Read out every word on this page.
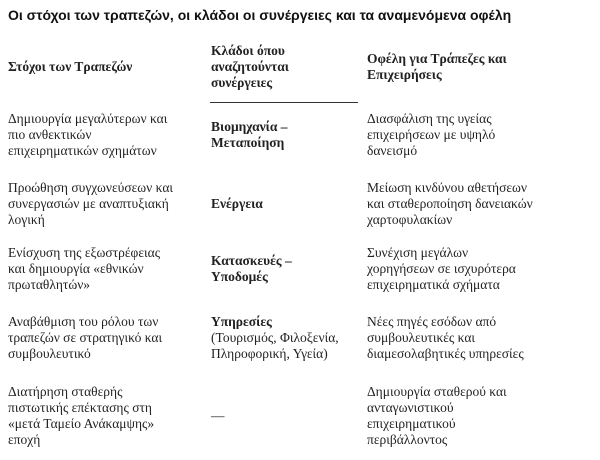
Οι στόχοι των τραπεζών, οι κλάδοι οι συνέργειες και τα αναμενόμενα οφέλη
Στόχοι των Τραπεζών
Κλάδοι όπου
αναζητούνται
συνέργειες
Οφέλη για Τράπεζες και
Επιχειρήσεις
Δημιουργία μεγαλύτερων και
πιο ανθεκτικών
επιχειρηματικών σχημάτων
Βιομηχανία –
Μεταποίηση
Διασφάλιση της υγείας
επιχειρήσεων με υψηλό
δανεισμό
Προώθηση συγχωνεύσεων και
συνεργασιών με αναπτυξιακή
λογική
Ενέργεια
Μείωση κινδύνου αθετήσεων
και σταθεροποίηση δανειακών
χαρτοφυλακίων
Ενίσχυση της εξωστρέφειας
και δημιουργία «εθνικών
πρωταθλητών»
Κατασκευές –
Υποδομές
Συνέχιση μεγάλων
χορηγήσεων σε ισχυρότερα
επιχειρηματικά σχήματα
Αναβάθμιση του ρόλου των
τραπεζών σε στρατηγικό και
συμβουλευτικό
Υπηρεσίες
(Τουρισμός, Φιλοξενία,
Πληροφορική, Υγεία)
Νέες πηγές εσόδων από
συμβουλευτικές και
διαμεσολαβητικές υπηρεσίες
Διατήρηση σταθερής
πιστωτικής επέκτασης στη
«μετά Ταμείο Ανάκαμψης»
εποχή
—
Δημιουργία σταθερού και
ανταγωνιστικού
επιχειρηματικού
περιβάλλοντος
